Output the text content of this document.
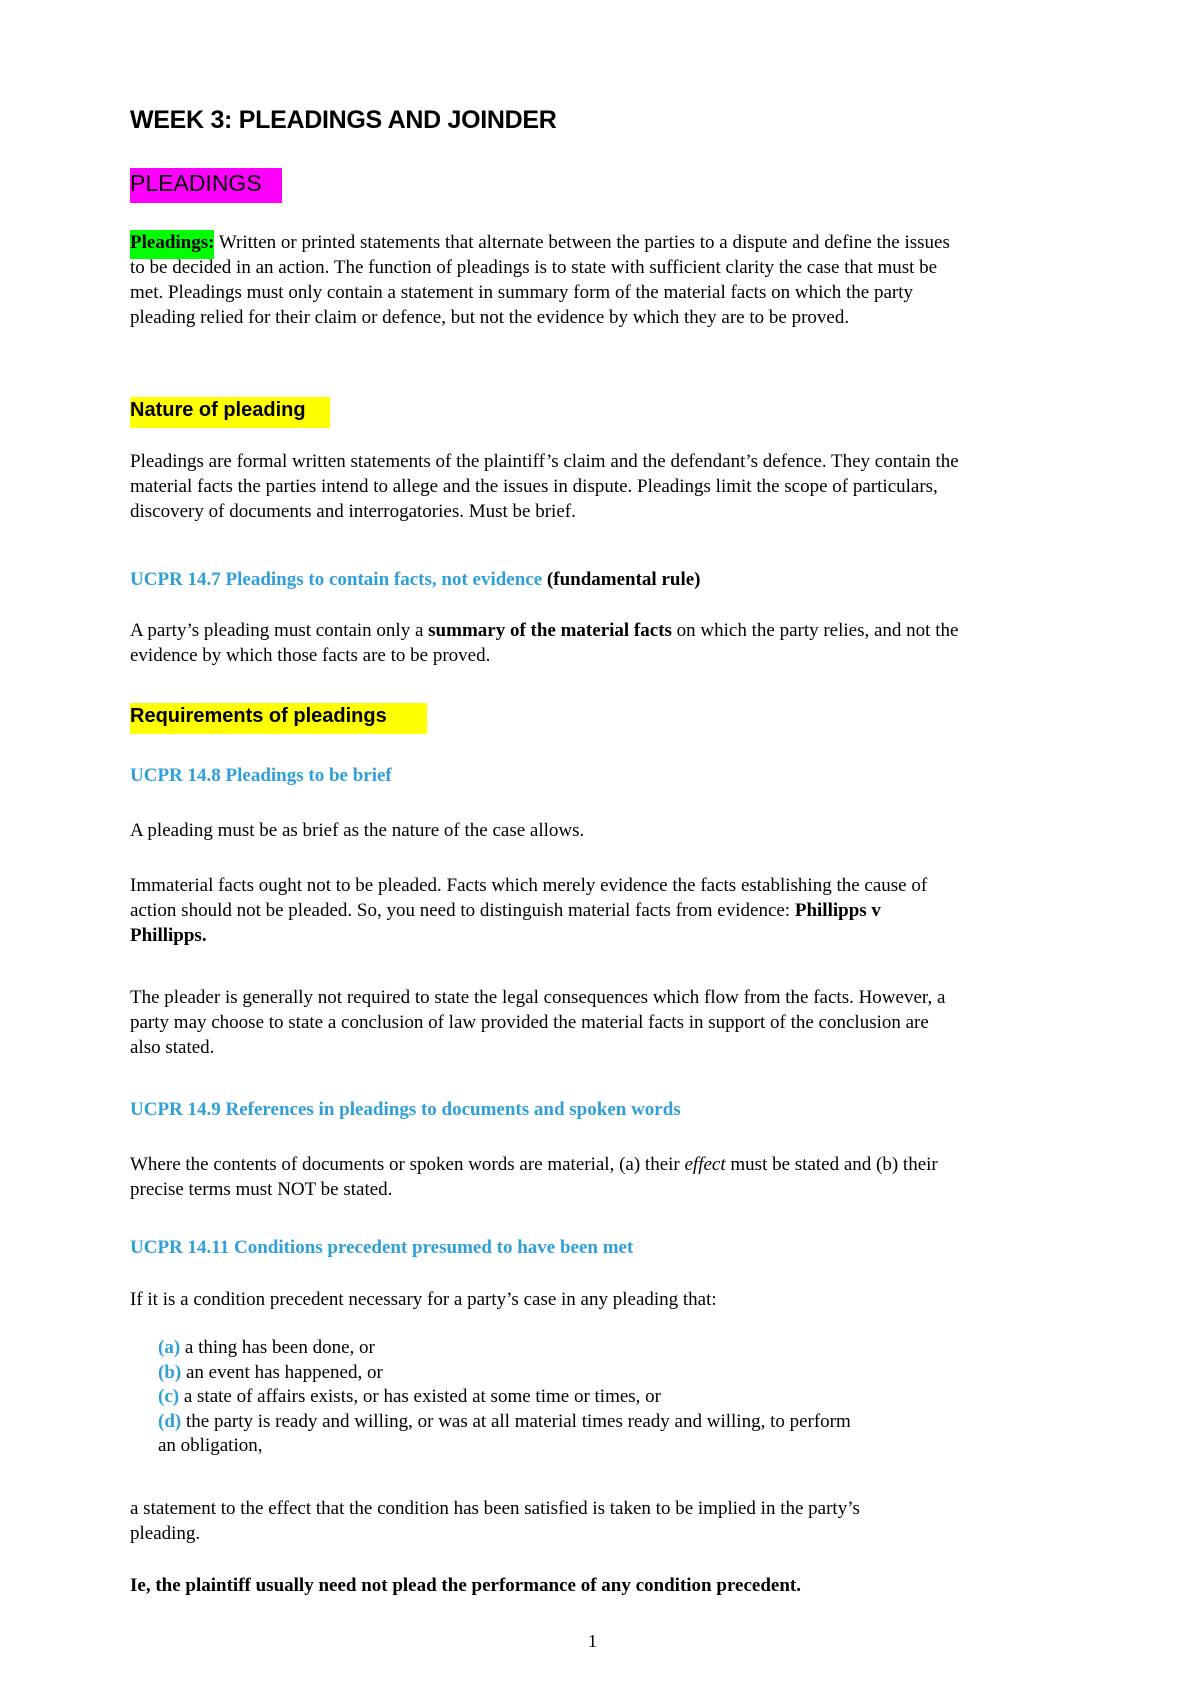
WEEK 3: PLEADINGS AND JOINDER
PLEADINGS
Pleadings: Written or printed statements that alternate between the parties to a dispute and define the issues to be decided in an action. The function of pleadings is to state with sufficient clarity the case that must be met. Pleadings must only contain a statement in summary form of the material facts on which the party pleading relied for their claim or defence, but not the evidence by which they are to be proved.
Nature of pleading
Pleadings are formal written statements of the plaintiff’s claim and the defendant’s defence. They contain the material facts the parties intend to allege and the issues in dispute. Pleadings limit the scope of particulars, discovery of documents and interrogatories. Must be brief.
UCPR 14.7 Pleadings to contain facts, not evidence (fundamental rule)
A party’s pleading must contain only a summary of the material facts on which the party relies, and not the evidence by which those facts are to be proved.
Requirements of pleadings
UCPR 14.8 Pleadings to be brief
A pleading must be as brief as the nature of the case allows.
Immaterial facts ought not to be pleaded. Facts which merely evidence the facts establishing the cause of action should not be pleaded. So, you need to distinguish material facts from evidence: Phillipps v Phillipps.
The pleader is generally not required to state the legal consequences which flow from the facts. However, a party may choose to state a conclusion of law provided the material facts in support of the conclusion are also stated.
UCPR 14.9 References in pleadings to documents and spoken words
Where the contents of documents or spoken words are material, (a) their effect must be stated and (b) their precise terms must NOT be stated.
UCPR 14.11 Conditions precedent presumed to have been met
If it is a condition precedent necessary for a party’s case in any pleading that:
(a) a thing has been done, or
(b) an event has happened, or
(c) a state of affairs exists, or has existed at some time or times, or
(d) the party is ready and willing, or was at all material times ready and willing, to perform
an obligation,
a statement to the effect that the condition has been satisfied is taken to be implied in the party’s pleading.
Ie, the plaintiff usually need not plead the performance of any condition precedent.
1
